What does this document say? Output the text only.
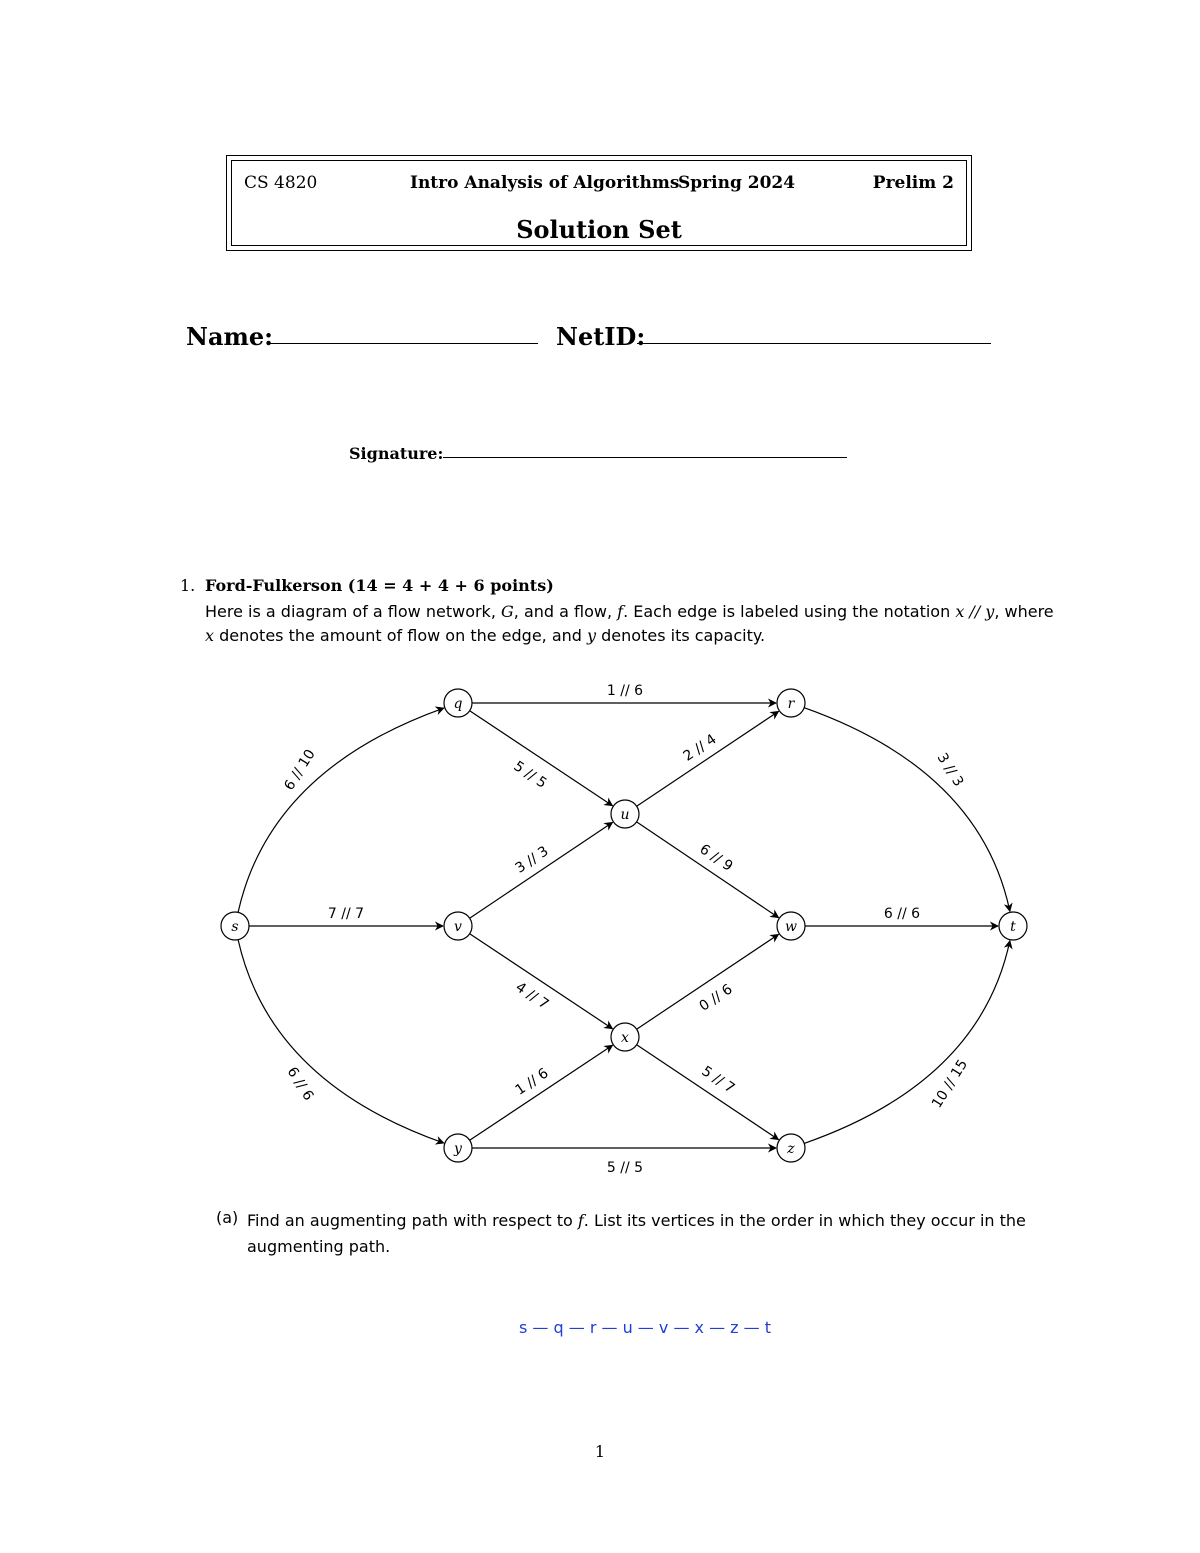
CS 4820	Intro Analysis of Algorithms
Spring 2024	Prelim 2
Solution Set
Name:	NetID:
Signature:
1. Ford-Fulkerson (14 = 4 + 4 + 6 points)
Here is a diagram of a flow network, G, and a flow, f. Each edge is labeled using the notation x // y, where x denotes the amount of flow on the edge, and y denotes its capacity.
6 // 10
7 // 7
6 // 6
1 // 6
5 // 5
2 // 4
3 // 3
3 // 3	6 // 9
6 // 6
4 // 7	0 // 6
1 // 6	5 // 7
5 // 5
10 // 15
s
q	r
u
v	w
x
y	z
t
(a) Find an augmenting path with respect to f. List its vertices in the order in which they occur in the augmenting path.
s — q — r — u — v — x — z — t
1
